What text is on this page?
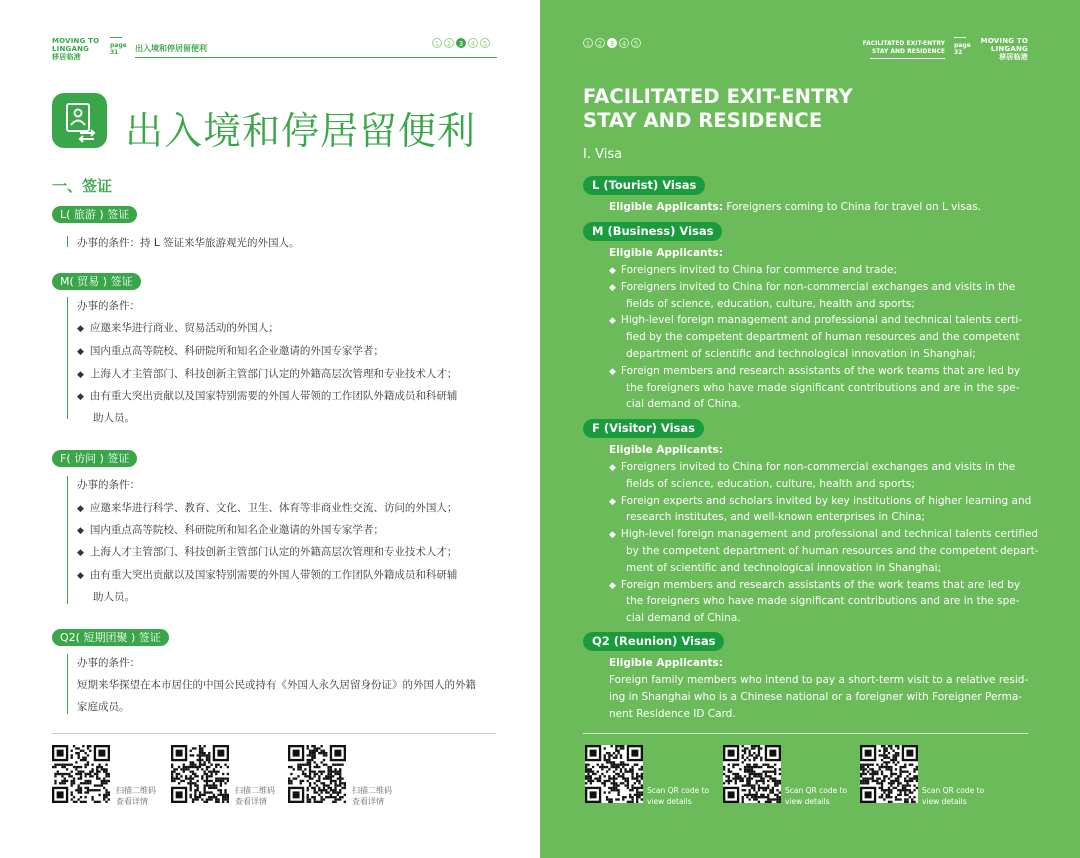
MOVING TO
LINGANG
移居临港
page
31	出入境和停居留便利	1	2	3	4	5
出入境和停居留便利
一、签证
L( 旅游 ) 签证
办事的条件：持 L 签证来华旅游观光的外国人。
M( 贸易 ) 签证
办事的条件：
◆ 应邀来华进行商业、贸易活动的外国人；
◆ 国内重点高等院校、科研院所和知名企业邀请的外国专家学者；
◆ 上海人才主管部门、科技创新主管部门认定的外籍高层次管理和专业技术人才；
◆ 由有重大突出贡献以及国家特别需要的外国人带领的工作团队外籍成员和科研辅
助人员。
F( 访问 ) 签证
办事的条件：
◆ 应邀来华进行科学、教育、文化、卫生、体育等非商业性交流、访问的外国人；
◆ 国内重点高等院校、科研院所和知名企业邀请的外国专家学者；
◆ 上海人才主管部门、科技创新主管部门认定的外籍高层次管理和专业技术人才；
◆ 由有重大突出贡献以及国家特别需要的外国人带领的工作团队外籍成员和科研辅
助人员。
Q2( 短期团聚 ) 签证
办事的条件：
短期来华探望在本市居住的中国公民或持有《外国人永久居留身份证》的外国人的外籍
家庭成员。
扫描二维码
查看详情
扫描二维码
查看详情
扫描二维码
查看详情
1	2	3	4	5	FACILITATED EXIT-ENTRY
STAY AND RESIDENCE
page
32
MOVING TO
LINGANG
移居临港
FACILITATED EXIT-ENTRY
STAY AND RESIDENCE
I. Visa
L (Tourist) Visas
Eligible Applicants: Foreigners coming to China for travel on L visas.
M (Business) Visas
Eligible Applicants:
F (Visitor) Visas
Eligible Applicants:
Q2 (Reunion) Visas
Eligible Applicants:
Foreign family members who intend to pay a short-term visit to a relative resid-
ing in Shanghai who is a Chinese national or a foreigner with Foreigner Perma-
nent Residence ID Card.
Scan QR code to
view details
Scan QR code to
view details
Scan QR code to
view details
◆ Foreigners invited to China for commerce and trade;
◆ Foreigners invited to China for non-commercial exchanges and visits in the
fields of science, education, culture, health and sports;
◆ High-level foreign management and professional and technical talents certi-
fied by the competent department of human resources and the competent
department of scientific and technological innovation in Shanghai;
◆ Foreign members and research assistants of the work teams that are led by
the foreigners who have made significant contributions and are in the spe-
cial demand of China.
◆ Foreigners invited to China for non-commercial exchanges and visits in the
fields of science, education, culture, health and sports;
◆ Foreign experts and scholars invited by key institutions of higher learning and
research institutes, and well-known enterprises in China;
◆ High-level foreign management and professional and technical talents certified
by the competent department of human resources and the competent depart-
ment of scientific and technological innovation in Shanghai;
◆ Foreign members and research assistants of the work teams that are led by
the foreigners who have made significant contributions and are in the spe-
cial demand of China.
